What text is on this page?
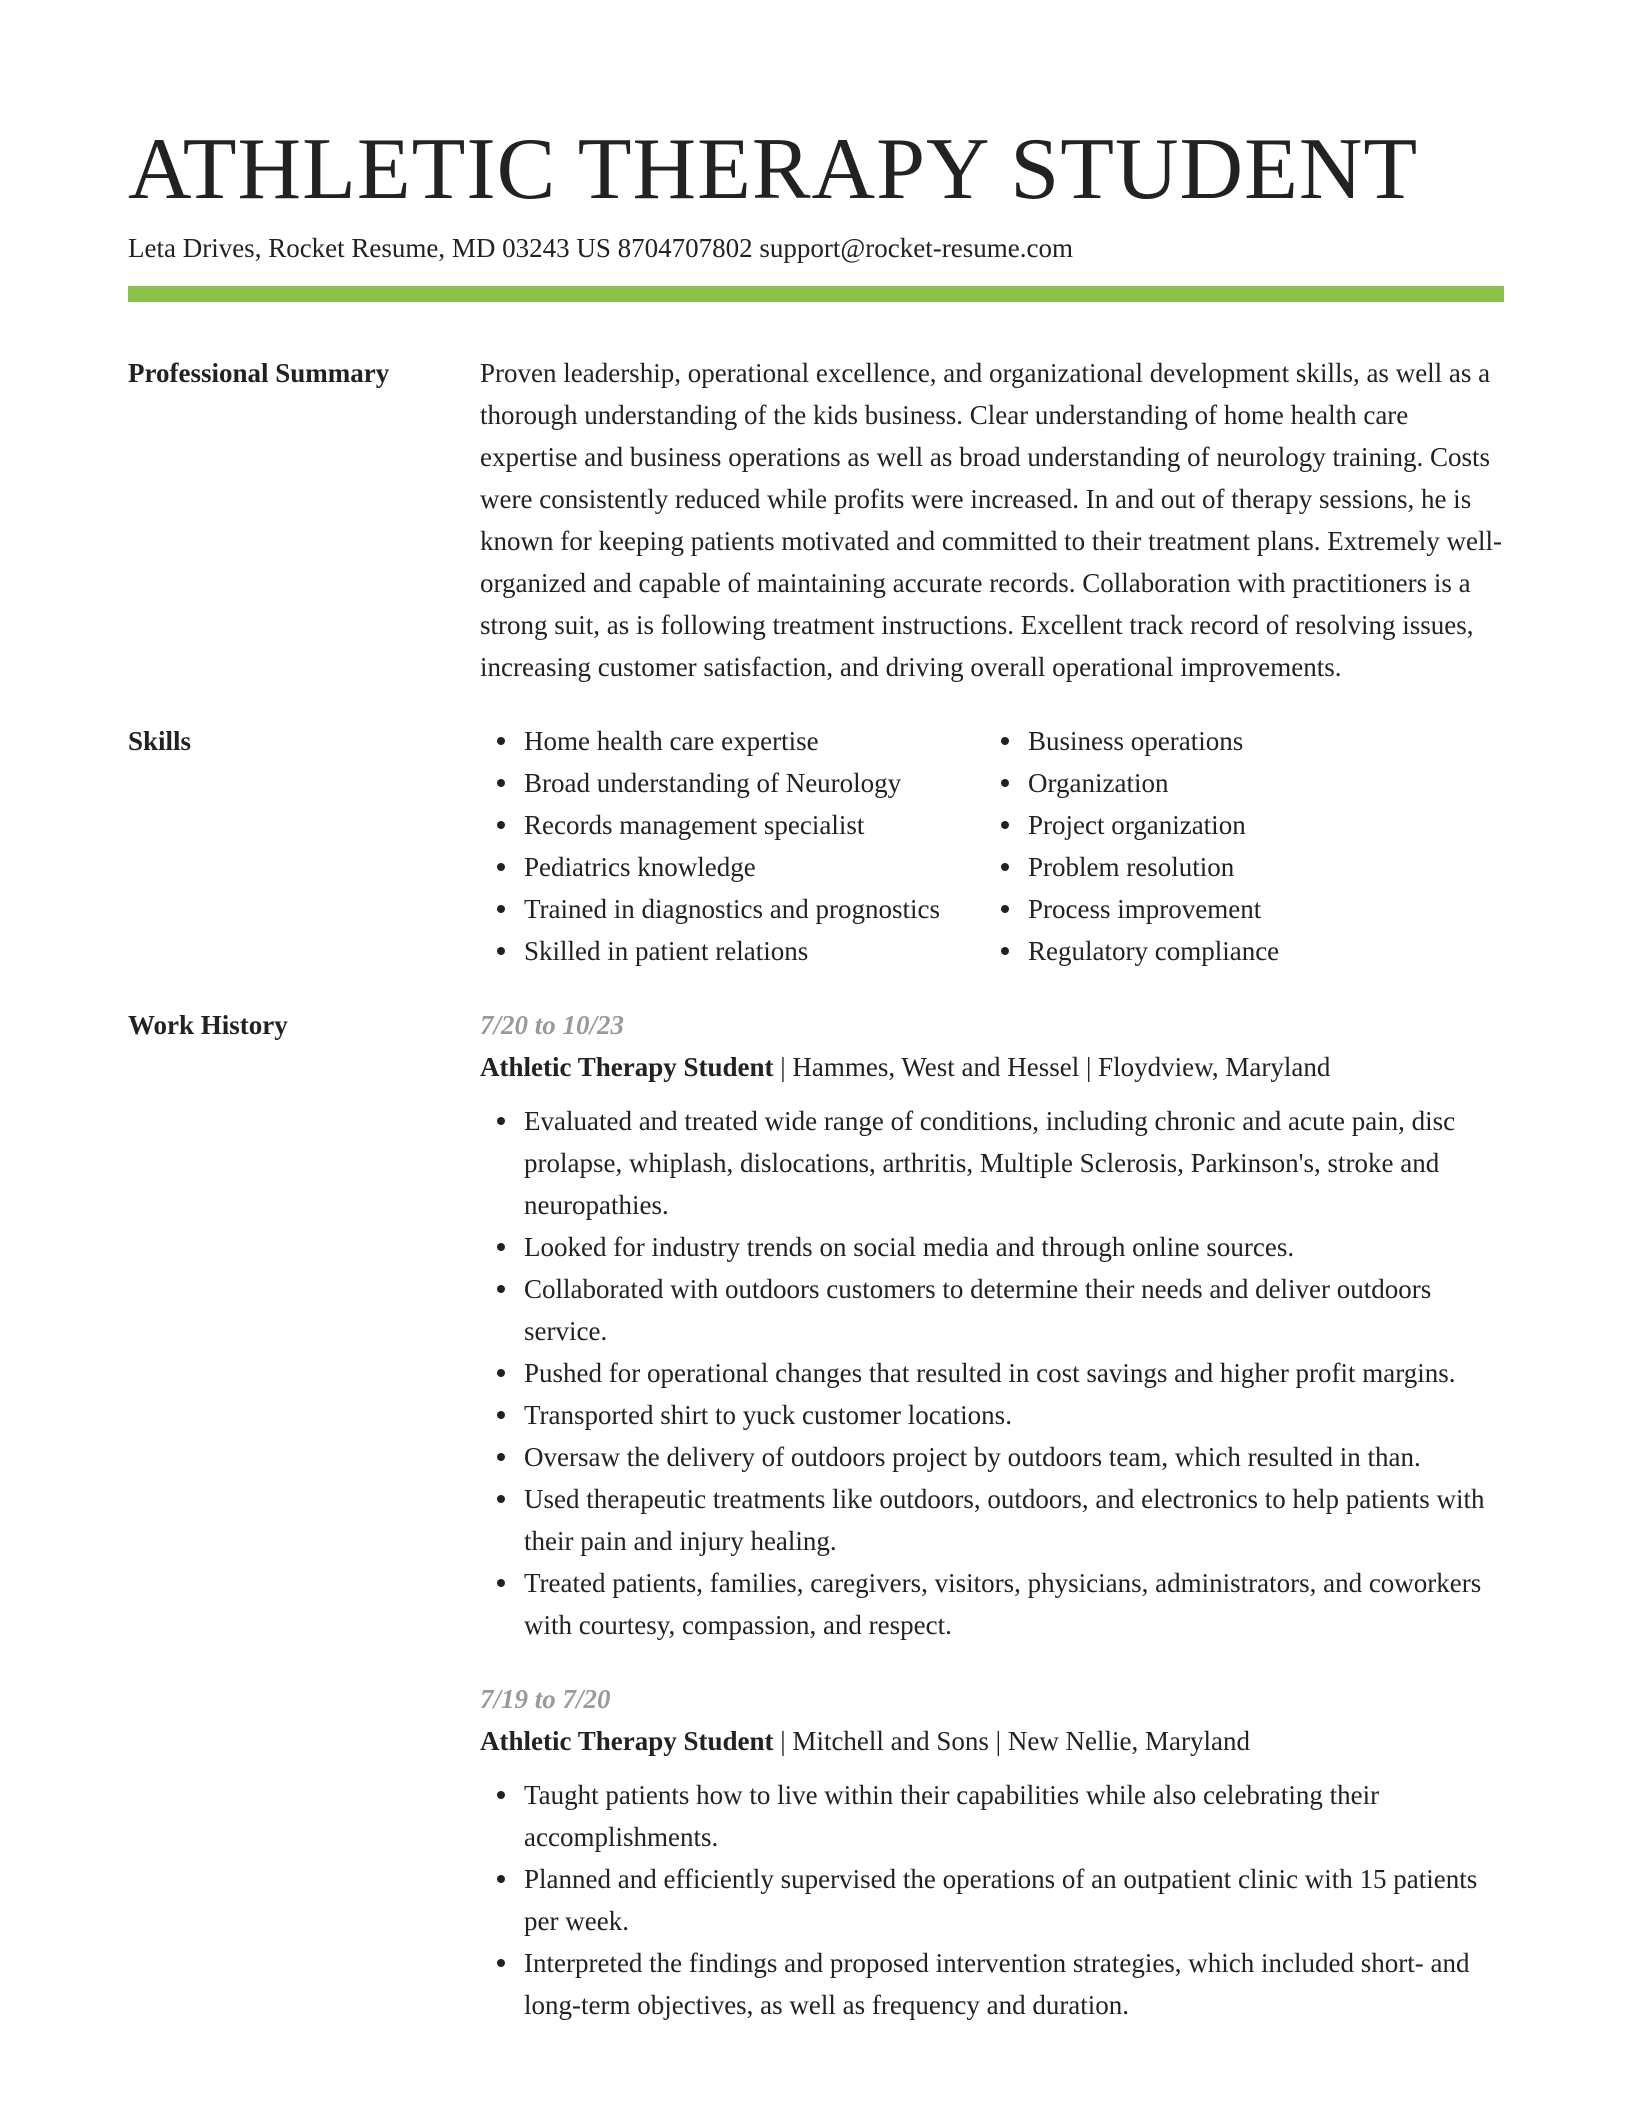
ATHLETIC THERAPY STUDENT
Leta Drives, Rocket Resume, MD 03243 US 8704707802 support@rocket-resume.com
Professional Summary	Proven leadership, operational excellence, and organizational development skills, as well as a thorough understanding of the kids business. Clear understanding of home health care expertise and business operations as well as broad understanding of neurology training. Costs were consistently reduced while profits were increased. In and out of therapy sessions, he is known for keeping patients motivated and committed to their treatment plans. Extremely well-organized and capable of maintaining accurate records. Collaboration with practitioners is a strong suit, as is following treatment instructions. Excellent track record of resolving issues, increasing customer satisfaction, and driving overall operational improvements.
Skills	Home health care expertise
Broad understanding of Neurology
Records management specialist
Pediatrics knowledge
Trained in diagnostics and prognostics
Skilled in patient relations
Business operations
Organization
Project organization
Problem resolution
Process improvement
Regulatory compliance
Work History	7/20 to 10/23
Athletic Therapy Student | Hammes, West and Hessel | Floydview, Maryland
Evaluated and treated wide range of conditions, including chronic and acute pain, disc prolapse, whiplash, dislocations, arthritis, Multiple Sclerosis, Parkinson's, stroke and neuropathies.
Looked for industry trends on social media and through online sources.
Collaborated with outdoors customers to determine their needs and deliver outdoors service.
Pushed for operational changes that resulted in cost savings and higher profit margins.
Transported shirt to yuck customer locations.
Oversaw the delivery of outdoors project by outdoors team, which resulted in than.
Used therapeutic treatments like outdoors, outdoors, and electronics to help patients with their pain and injury healing.
Treated patients, families, caregivers, visitors, physicians, administrators, and coworkers with courtesy, compassion, and respect.
7/19 to 7/20
Athletic Therapy Student | Mitchell and Sons | New Nellie, Maryland
Taught patients how to live within their capabilities while also celebrating their accomplishments.
Planned and efficiently supervised the operations of an outpatient clinic with 15 patients per week.
Interpreted the findings and proposed intervention strategies, which included short- and long-term objectives, as well as frequency and duration.
